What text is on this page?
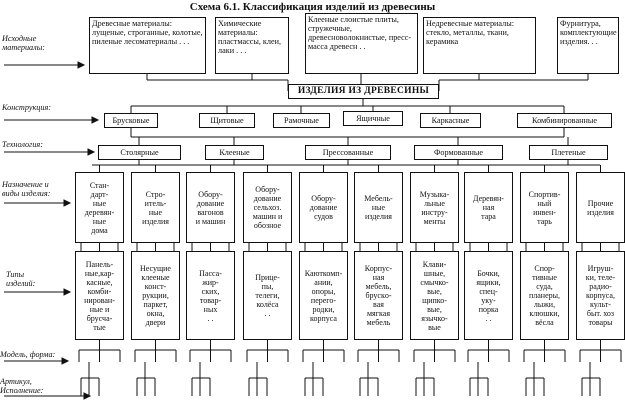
Схема 6.1. Классификация изделий из древесины
Исходные
материалы:
Конструкция:
Технология:
Назначение и
виды изделия:
Типы
изделий:
Модель, форма:
Артикул,
Исполнение:
Древесные материалы: лущеные, строганные, колотые, пиленые лесоматериалы . . .
Химические материалы: пластмассы, клеи, лаки . . .
Клееные слоистые плиты, стружечные, древесноволокнистые, пресс-масса древесн . .
Недревесные материалы: стекло, металлы, ткани, керамика
Фурнитура, комплектующие изделия. . .
ИЗДЕЛИЯ ИЗ ДРЕВЕСИНЫ
Брусковые	Щитовые	Рамочные	Ящичные	Каркасные	Комбинированные
Столярные	Клееные	Прессованные	Формованные	Плетеные
Стан-
дарт-
ные
деревян-
ные
дома
Стро-
итель-
ные
изделия
Обору-
дование
вагонов
и машин
Обору-
дование
сельхоз.
машин и
обозное
Обору-
дование
судов
Мебель-
ные
изделия
Музыка-
льные
инстру-
менты
Деревян-
ная
тара
Спортив-
ный
инвен-
тарь
Прочие
изделия
Панель-
ные,кар-
касные,
комби-
нирован-
ные и
брусча-
тые
Несущие
клееные
конст-
рукции,
паркет,
окна,
двери
Пасса-
жир-
ских,
товар-
ных
. .
Прице-
пы,
телеги,
колёса
. .
Каюткомп-
ании,
опоры,
перего-
родки,
корпуса
Корпус-
ная
мебель,
брускo-
вая
мягкая
мебель
Клави-
шные,
смычко-
вые,
щипко-
вые,
язычко-
вые
Бочки,
ящики,
спец-
уку-
порка
. .
Спор-
тивные
суда,
планеры,
лыжи,
клюшки,
вёсла
Игруш-
ки, теле-
радио-
корпуса,
культ-
быт. хоз
товары
